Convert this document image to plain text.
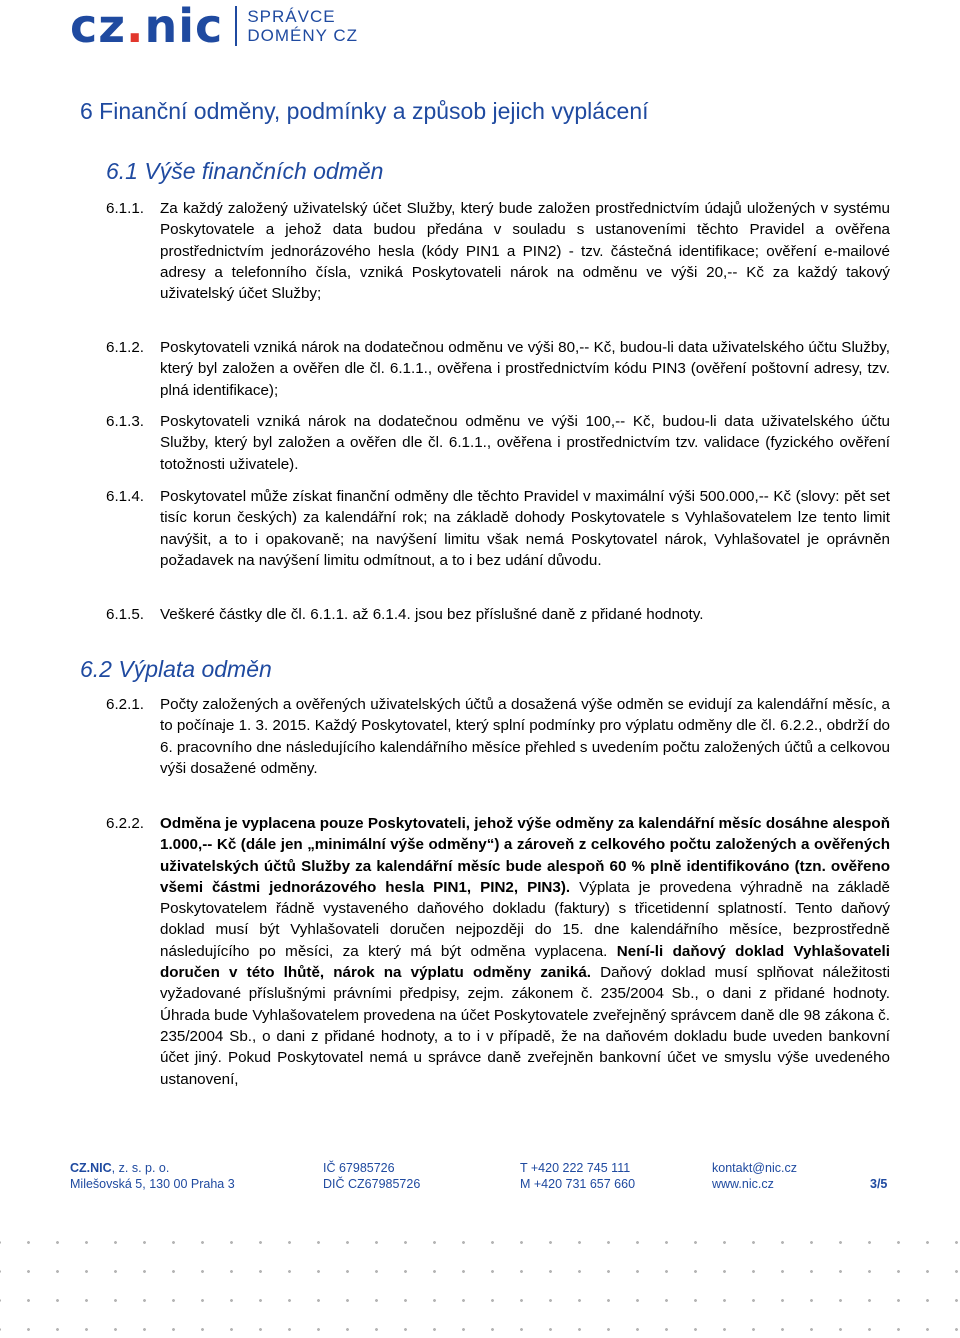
cz.nic SPRÁVCE
DOMÉNY CZ
6 Finanční odměny, podmínky a způsob jejich vyplácení
6.1 Výše finančních odměn
6.1.1. Za každý založený uživatelský účet Služby, který bude založen prostřednictvím údajů uložených v systému Poskytovatele a jehož data budou předána v souladu s ustanoveními těchto Pravidel a ověřena prostřednictvím jednorázového hesla (kódy PIN1 a PIN2) - tzv. částečná identifikace; ověření e-mailové adresy a telefonního čísla, vzniká Poskytovateli nárok na odměnu ve výši 20,-- Kč za každý takový uživatelský účet Služby;
6.1.2. Poskytovateli vzniká nárok na dodatečnou odměnu ve výši 80,-- Kč, budou-li data uživatelského účtu Služby, který byl založen a ověřen dle čl. 6.1.1., ověřena i prostřednictvím kódu PIN3 (ověření poštovní adresy, tzv. plná identifikace);
6.1.3. Poskytovateli vzniká nárok na dodatečnou odměnu ve výši 100,-- Kč, budou-li data uživatelského účtu Služby, který byl založen a ověřen dle čl. 6.1.1., ověřena i prostřednictvím tzv. validace (fyzického ověření totožnosti uživatele).
6.1.4. Poskytovatel může získat finanční odměny dle těchto Pravidel v maximální výši 500.000,-- Kč (slovy: pět set tisíc korun českých) za kalendářní rok; na základě dohody Poskytovatele s Vyhlašovatelem lze tento limit navýšit, a to i opakovaně; na navýšení limitu však nemá Poskytovatel nárok, Vyhlašovatel je oprávněn požadavek na navýšení limitu odmítnout, a to i bez udání důvodu.
6.1.5. Veškeré částky dle čl. 6.1.1. až 6.1.4. jsou bez příslušné daně z přidané hodnoty.
6.2 Výplata odměn
6.2.1. Počty založených a ověřených uživatelských účtů a dosažená výše odměn se evidují za kalendářní měsíc, a to počínaje 1. 3. 2015. Každý Poskytovatel, který splní podmínky pro výplatu odměny dle čl. 6.2.2., obdrží do 6. pracovního dne následujícího kalendářního měsíce přehled s uvedením počtu založených účtů a celkovou výši dosažené odměny.
6.2.2. Odměna je vyplacena pouze Poskytovateli, jehož výše odměny za kalendářní měsíc dosáhne alespoň 1.000,-- Kč (dále jen „minimální výše odměny“) a zároveň z celkového počtu založených a ověřených uživatelských účtů Služby za kalendářní měsíc bude alespoň 60 % plně identifikováno (tzn. ověřeno všemi částmi jednorázového hesla PIN1, PIN2, PIN3). Výplata je provedena výhradně na základě Poskytovatelem řádně vystaveného daňového dokladu (faktury) s třicetidenní splatností. Tento daňový doklad musí být Vyhlašovateli doručen nejpozději do 15. dne kalendářního měsíce, bezprostředně následujícího po měsíci, za který má být odměna vyplacena. Není-li daňový doklad Vyhlašovateli doručen v této lhůtě, nárok na výplatu odměny zaniká. Daňový doklad musí splňovat náležitosti vyžadované příslušnými právními předpisy, zejm. zákonem č. 235/2004 Sb., o dani z přidané hodnoty. Úhrada bude Vyhlašovatelem provedena na účet Poskytovatele zveřejněný správcem daně dle 98 zákona č. 235/2004 Sb., o dani z přidané hodnoty, a to i v případě, že na daňovém dokladu bude uveden bankovní účet jiný. Pokud Poskytovatel nemá u správce daně zveřejněn bankovní účet ve smyslu výše uvedeného ustanovení,
CZ.NIC, z. s. p. o.
Milešovská 5, 130 00 Praha 3
IČ 67985726
DIČ CZ67985726
T +420 222 745 111
M +420 731 657 660
kontakt@nic.cz
www.nic.cz	3/5
